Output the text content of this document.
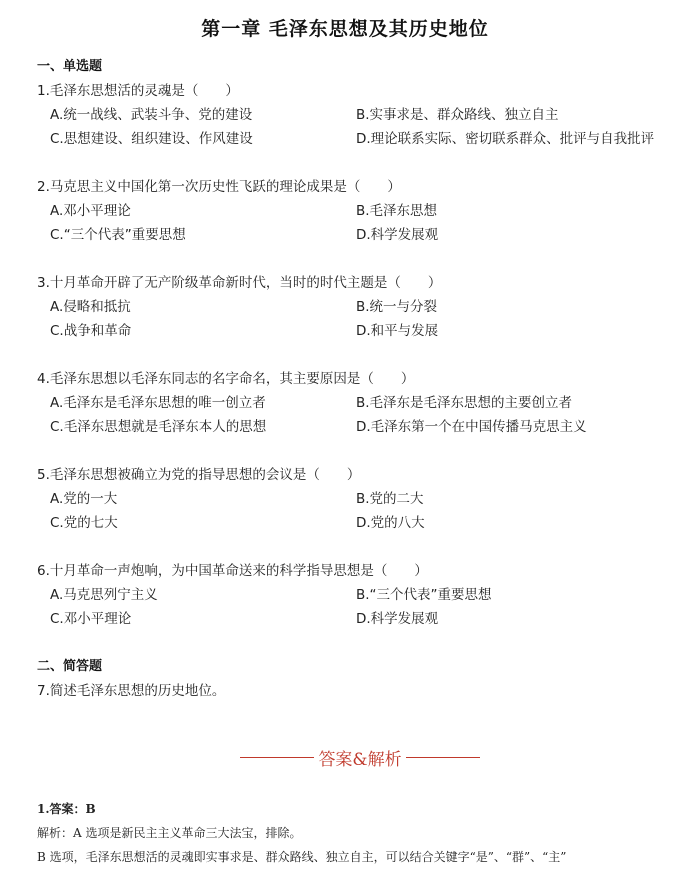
第一章 毛泽东思想及其历史地位
一、单选题
1.毛泽东思想活的灵魂是（　　）
A.统一战线、武装斗争、党的建设	B.实事求是、群众路线、独立自主
C.思想建设、组织建设、作风建设	D.理论联系实际、密切联系群众、批评与自我批评
2.马克思主义中国化第一次历史性飞跃的理论成果是（　　）
A.邓小平理论	B.毛泽东思想
C.“三个代表”重要思想	D.科学发展观
3.十月革命开辟了无产阶级革命新时代，当时的时代主题是（　　）
A.侵略和抵抗	B.统一与分裂
C.战争和革命	D.和平与发展
4.毛泽东思想以毛泽东同志的名字命名，其主要原因是（　　）
A.毛泽东是毛泽东思想的唯一创立者	B.毛泽东是毛泽东思想的主要创立者
C.毛泽东思想就是毛泽东本人的思想	D.毛泽东第一个在中国传播马克思主义
5.毛泽东思想被确立为党的指导思想的会议是（　　）
A.党的一大	B.党的二大
C.党的七大	D.党的八大
6.十月革命一声炮响，为中国革命送来的科学指导思想是（　　）
A.马克思列宁主义	B.“三个代表”重要思想
C.邓小平理论	D.科学发展观
二、简答题
7.简述毛泽东思想的历史地位。
答案&解析
1.答案：B
解析：A 选项是新民主主义革命三大法宝，排除。
B 选项，毛泽东思想活的灵魂即实事求是、群众路线、独立自主，可以结合关键字“是”、“群”、“主”
